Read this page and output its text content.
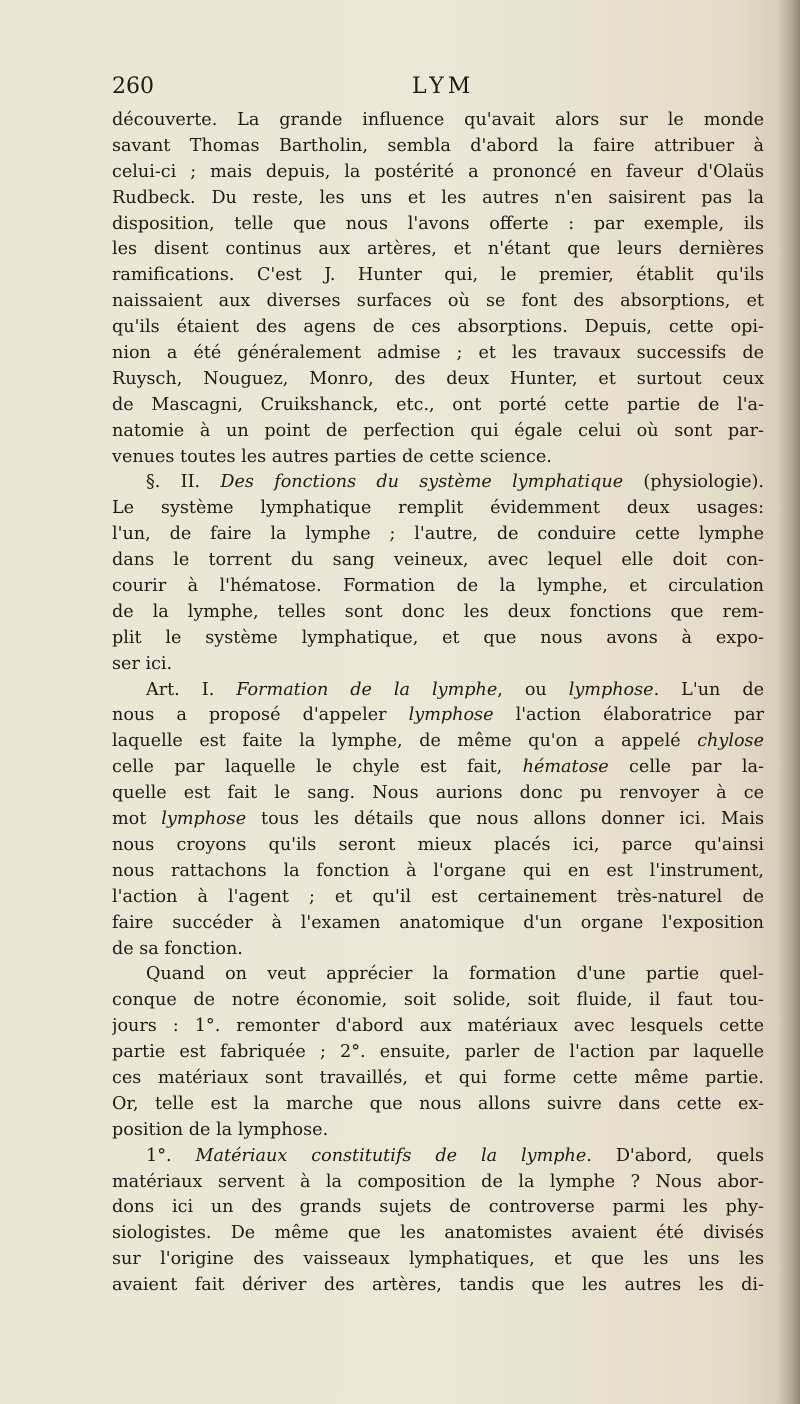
260	LYM
découverte. La grande influence qu'avait alors sur le monde
savant Thomas Bartholin, sembla d'abord la faire attribuer à
celui-ci ; mais depuis, la postérité a prononcé en faveur d'Olaüs
Rudbeck. Du reste, les uns et les autres n'en saisirent pas la
disposition, telle que nous l'avons offerte : par exemple, ils
les disent continus aux artères, et n'étant que leurs dernières
ramifications. C'est J. Hunter qui, le premier, établit qu'ils
naissaient aux diverses surfaces où se font des absorptions, et
qu'ils étaient des agens de ces absorptions. Depuis, cette opi-
nion a été généralement admise ; et les travaux successifs de
Ruysch, Nouguez, Monro, des deux Hunter, et surtout ceux
de Mascagni, Cruikshanck, etc., ont porté cette partie de l'a-
natomie à un point de perfection qui égale celui où sont par-
venues toutes les autres parties de cette science.
§. II. Des fonctions du système lymphatique (physiologie).
Le système lymphatique remplit évidemment deux usages:
l'un, de faire la lymphe ; l'autre, de conduire cette lymphe
dans le torrent du sang veineux, avec lequel elle doit con-
courir à l'hématose. Formation de la lymphe, et circulation
de la lymphe, telles sont donc les deux fonctions que rem-
plit le système lymphatique, et que nous avons à expo-
ser ici.
Art. I. Formation de la lymphe, ou lymphose. L'un de
nous a proposé d'appeler lymphose l'action élaboratrice par
laquelle est faite la lymphe, de même qu'on a appelé chylose
celle par laquelle le chyle est fait, hématose celle par la-
quelle est fait le sang. Nous aurions donc pu renvoyer à ce
mot lymphose tous les détails que nous allons donner ici. Mais
nous croyons qu'ils seront mieux placés ici, parce qu'ainsi
nous rattachons la fonction à l'organe qui en est l'instrument,
l'action à l'agent ; et qu'il est certainement très-naturel de
faire succéder à l'examen anatomique d'un organe l'exposition
de sa fonction.
Quand on veut apprécier la formation d'une partie quel-
conque de notre économie, soit solide, soit fluide, il faut tou-
jours : 1°. remonter d'abord aux matériaux avec lesquels cette
partie est fabriquée ; 2°. ensuite, parler de l'action par laquelle
ces matériaux sont travaillés, et qui forme cette même partie.
Or, telle est la marche que nous allons suivre dans cette ex-
position de la lymphose.
1°. Matériaux constitutifs de la lymphe. D'abord, quels
matériaux servent à la composition de la lymphe ? Nous abor-
dons ici un des grands sujets de controverse parmi les phy-
siologistes. De même que les anatomistes avaient été divisés
sur l'origine des vaisseaux lymphatiques, et que les uns les
avaient fait dériver des artères, tandis que les autres les di-
